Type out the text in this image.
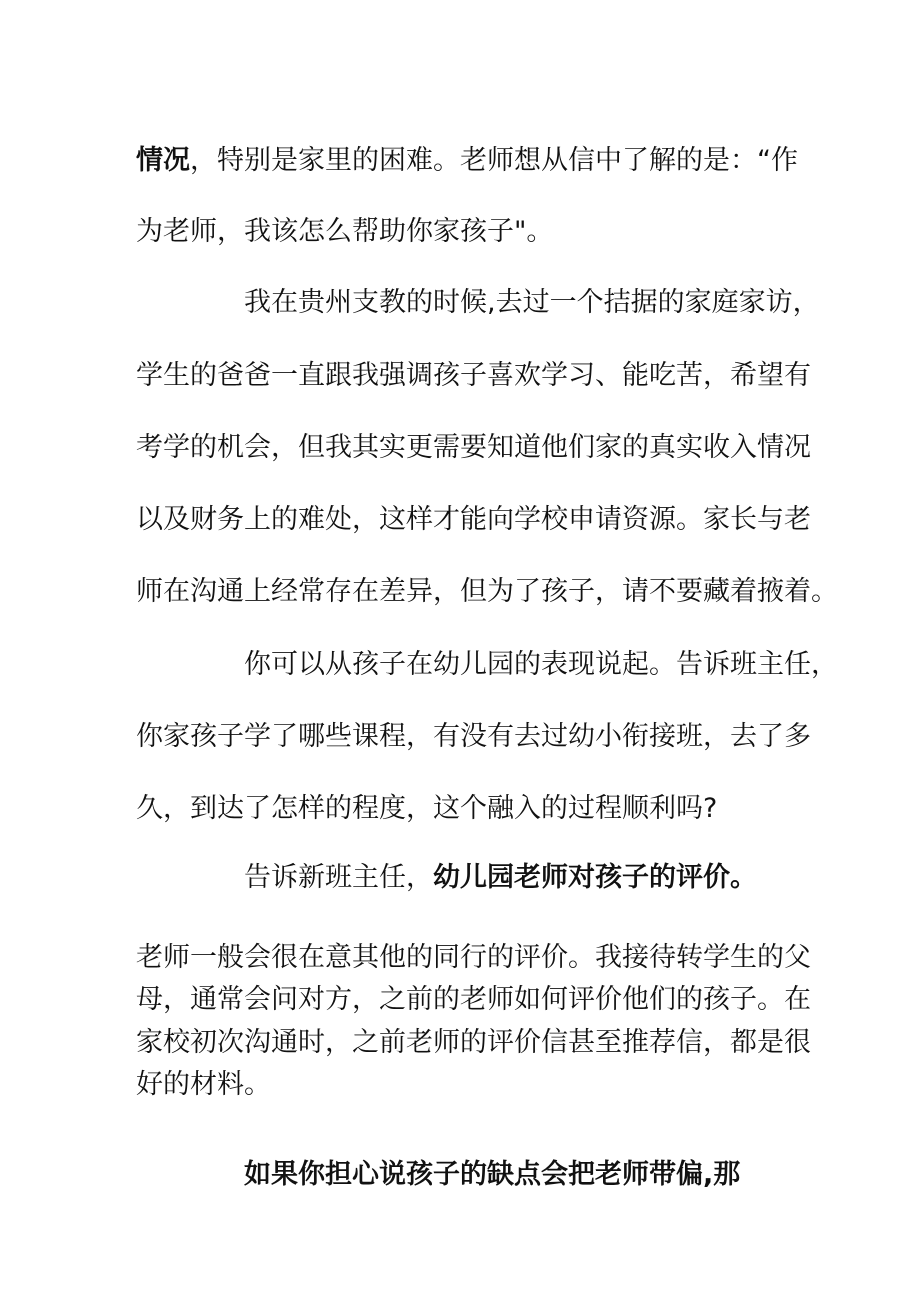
情况，特别是家里的困难。老师想从信中了解的是：“作
为老师，我该怎么帮助你家孩子"。
我在贵州支教的时候,去过一个拮据的家庭家访，
学生的爸爸一直跟我强调孩子喜欢学习、能吃苦，希望有
考学的机会，但我其实更需要知道他们家的真实收入情况
以及财务上的难处，这样才能向学校申请资源。家长与老
师在沟通上经常存在差异，但为了孩子，请不要藏着掖着。
你可以从孩子在幼儿园的表现说起。告诉班主任，
你家孩子学了哪些课程，有没有去过幼小衔接班，去了多
久，到达了怎样的程度，这个融入的过程顺利吗?
告诉新班主任，幼儿园老师对孩子的评价。
老师一般会很在意其他的同行的评价。我接待转学生的父
母，通常会问对方，之前的老师如何评价他们的孩子。在
家校初次沟通时，之前老师的评价信甚至推荐信，都是很
好的材料。
如果你担心说孩子的缺点会把老师带偏,那
